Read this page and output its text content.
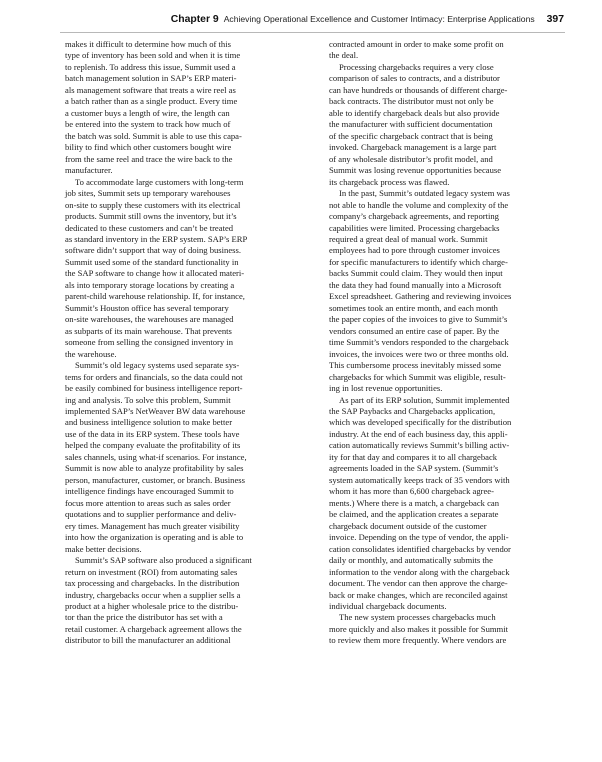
Chapter 9 Achieving Operational Excellence and Customer Intimacy: Enterprise Applications 397
makes it difficult to determine how much of this
type of inventory has been sold and when it is time
to replenish. To address this issue, Summit used a
batch management solution in SAP’s ERP materi-
als management software that treats a wire reel as
a batch rather than as a single product. Every time
a customer buys a length of wire, the length can
be entered into the system to track how much of
the batch was sold. Summit is able to use this capa-
bility to find which other customers bought wire
from the same reel and trace the wire back to the
manufacturer.
To accommodate large customers with long-term
job sites, Summit sets up temporary warehouses
on-site to supply these customers with its electrical
products. Summit still owns the inventory, but it’s
dedicated to these customers and can’t be treated
as standard inventory in the ERP system. SAP’s ERP
software didn’t support that way of doing business.
Summit used some of the standard functionality in
the SAP software to change how it allocated materi-
als into temporary storage locations by creating a
parent-child warehouse relationship. If, for instance,
Summit’s Houston office has several temporary
on-site warehouses, the warehouses are managed
as subparts of its main warehouse. That prevents
someone from selling the consigned inventory in
the warehouse.
Summit’s old legacy systems used separate sys-
tems for orders and financials, so the data could not
be easily combined for business intelligence report-
ing and analysis. To solve this problem, Summit
implemented SAP’s NetWeaver BW data warehouse
and business intelligence solution to make better
use of the data in its ERP system. These tools have
helped the company evaluate the profitability of its
sales channels, using what-if scenarios. For instance,
Summit is now able to analyze profitability by sales
person, manufacturer, customer, or branch. Business
intelligence findings have encouraged Summit to
focus more attention to areas such as sales order
quotations and to supplier performance and deliv-
ery times. Management has much greater visibility
into how the organization is operating and is able to
make better decisions.
Summit’s SAP software also produced a significant
return on investment (ROI) from automating sales
tax processing and chargebacks. In the distribution
industry, chargebacks occur when a supplier sells a
product at a higher wholesale price to the distribu-
tor than the price the distributor has set with a
retail customer. A chargeback agreement allows the
distributor to bill the manufacturer an additional
contracted amount in order to make some profit on
the deal.
Processing chargebacks requires a very close
comparison of sales to contracts, and a distributor
can have hundreds or thousands of different charge-
back contracts. The distributor must not only be
able to identify chargeback deals but also provide
the manufacturer with sufficient documentation
of the specific chargeback contract that is being
invoked. Chargeback management is a large part
of any wholesale distributor’s profit model, and
Summit was losing revenue opportunities because
its chargeback process was flawed.
In the past, Summit’s outdated legacy system was
not able to handle the volume and complexity of the
company’s chargeback agreements, and reporting
capabilities were limited. Processing chargebacks
required a great deal of manual work. Summit
employees had to pore through customer invoices
for specific manufacturers to identify which charge-
backs Summit could claim. They would then input
the data they had found manually into a Microsoft
Excel spreadsheet. Gathering and reviewing invoices
sometimes took an entire month, and each month
the paper copies of the invoices to give to Summit’s
vendors consumed an entire case of paper. By the
time Summit’s vendors responded to the chargeback
invoices, the invoices were two or three months old.
This cumbersome process inevitably missed some
chargebacks for which Summit was eligible, result-
ing in lost revenue opportunities.
As part of its ERP solution, Summit implemented
the SAP Paybacks and Chargebacks application,
which was developed specifically for the distribution
industry. At the end of each business day, this appli-
cation automatically reviews Summit’s billing activ-
ity for that day and compares it to all chargeback
agreements loaded in the SAP system. (Summit’s
system automatically keeps track of 35 vendors with
whom it has more than 6,600 chargeback agree-
ments.) Where there is a match, a chargeback can
be claimed, and the application creates a separate
chargeback document outside of the customer
invoice. Depending on the type of vendor, the appli-
cation consolidates identified chargebacks by vendor
daily or monthly, and automatically submits the
information to the vendor along with the chargeback
document. The vendor can then approve the charge-
back or make changes, which are reconciled against
individual chargeback documents.
The new system processes chargebacks much
more quickly and also makes it possible for Summit
to review them more frequently. Where vendors are
